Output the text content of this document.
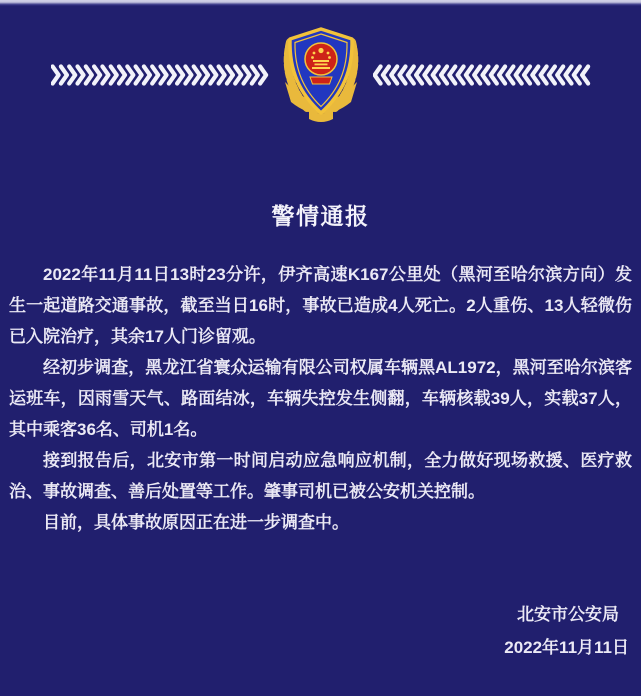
警情通报

2022年11月11日13时23分许，伊齐高速K167公里处（黑河至哈尔滨方向）发生一起道路交通事故，截至当日16时，事故已造成4人死亡。2人重伤、13人轻微伤已入院治疗，其余17人门诊留观。

经初步调查，黑龙江省寰众运输有限公司权属车辆黑AL1972，黑河至哈尔滨客运班车，因雨雪天气、路面结冰，车辆失控发生侧翻，车辆核载39人，实载37人，其中乘客36名、司机1名。

接到报告后，北安市第一时间启动应急响应机制，全力做好现场救援、医疗救治、事故调查、善后处置等工作。肇事司机已被公安机关控制。

目前，具体事故原因正在进一步调查中。

北安市公安局
2022年11月11日
